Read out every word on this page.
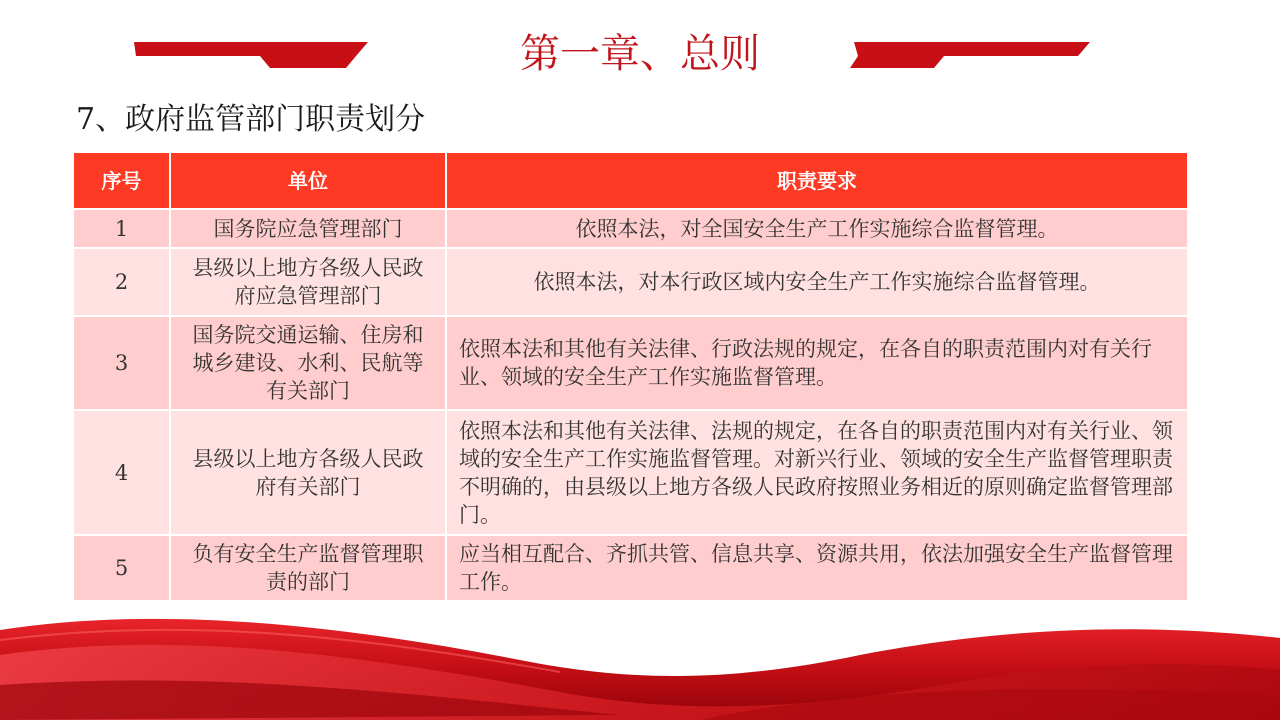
第一章、总则
7、政府监管部门职责划分
序号	单位	职责要求
1	国务院应急管理部门	依照本法，对全国安全生产工作实施综合监督管理。
2	县级以上地方各级人民政府应急管理部门	依照本法，对本行政区域内安全生产工作实施综合监督管理。
3	国务院交通运输、住房和城乡建设、水利、民航等有关部门	依照本法和其他有关法律、行政法规的规定，在各自的职责范围内对有关行业、领域的安全生产工作实施监督管理。
4	县级以上地方各级人民政府有关部门	依照本法和其他有关法律、法规的规定，在各自的职责范围内对有关行业、领域的安全生产工作实施监督管理。对新兴行业、领域的安全生产监督管理职责不明确的，由县级以上地方各级人民政府按照业务相近的原则确定监督管理部门。
5	负有安全生产监督管理职责的部门	应当相互配合、齐抓共管、信息共享、资源共用，依法加强安全生产监督管理工作。
